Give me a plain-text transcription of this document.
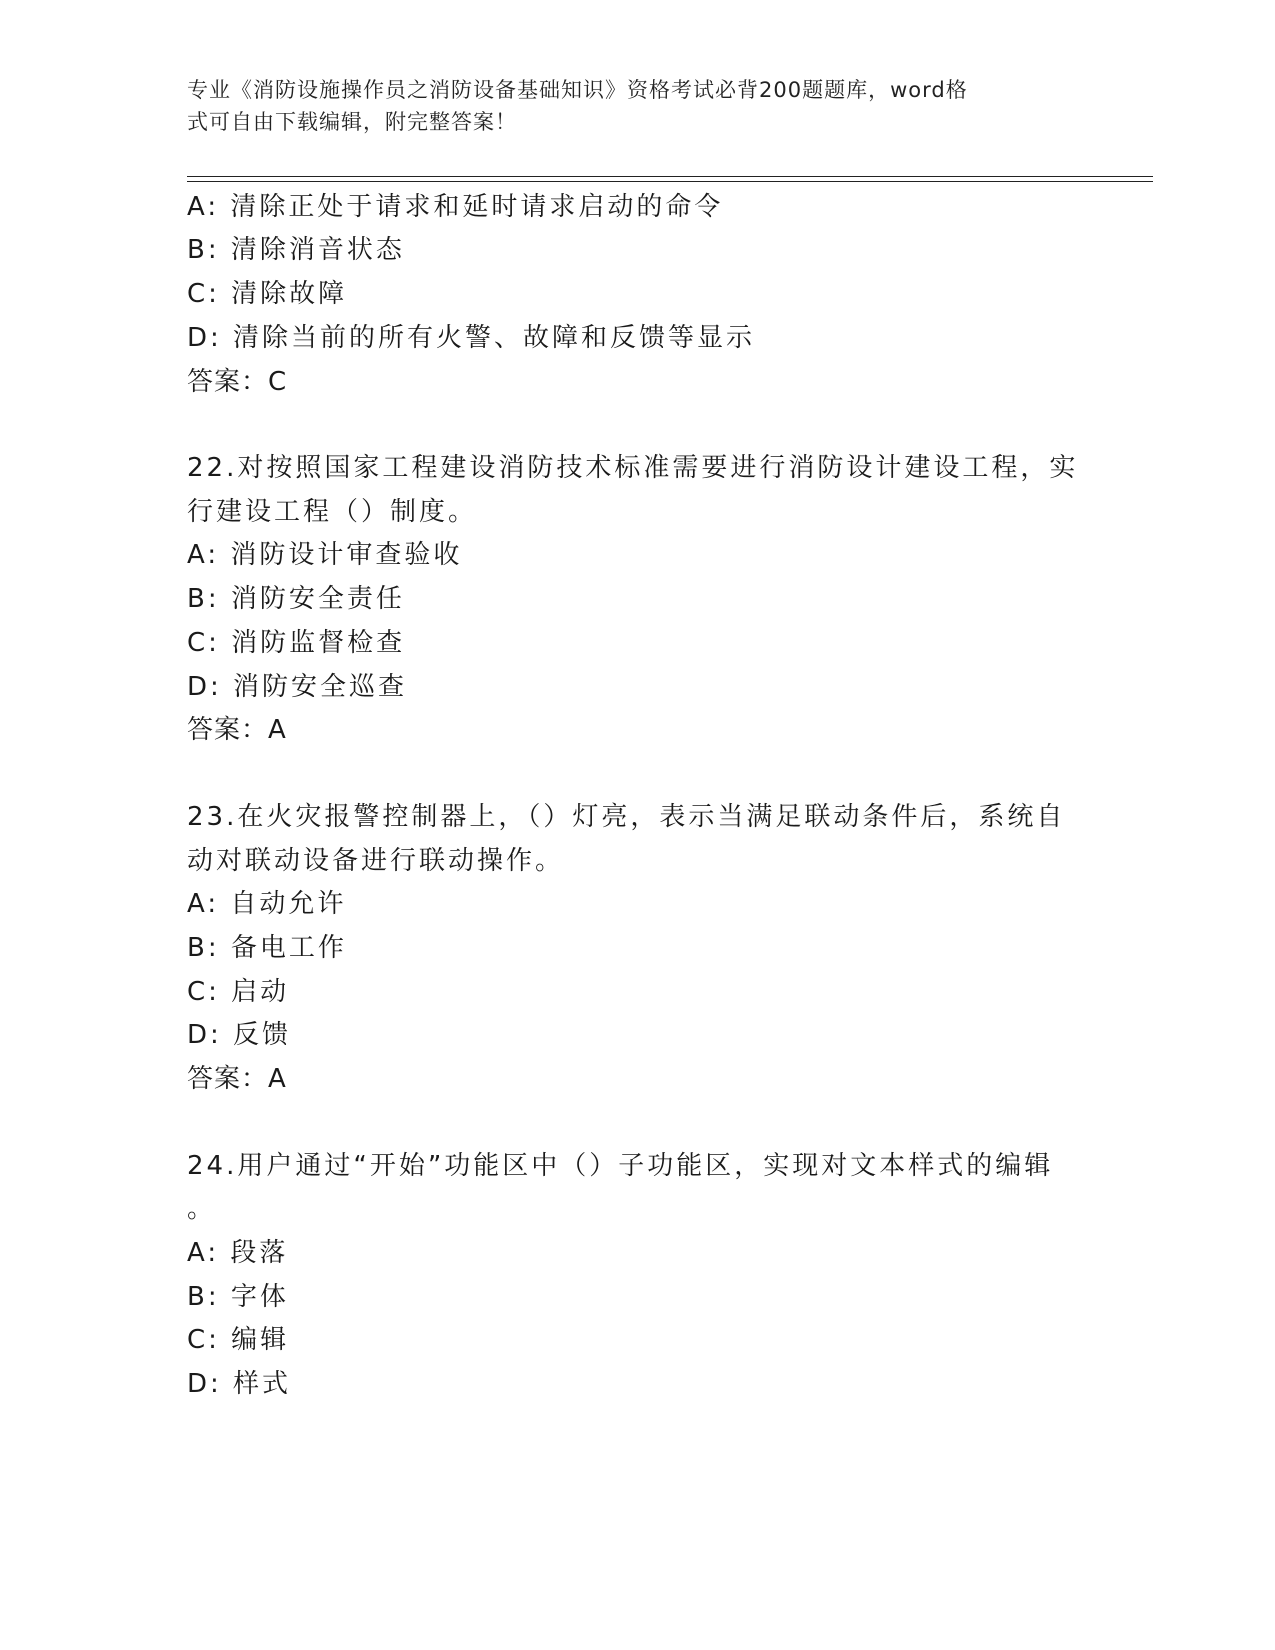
专业《消防设施操作员之消防设备基础知识》资格考试必背200题题库，word格
式可自由下载编辑，附完整答案！
A: 清除正处于请求和延时请求启动的命令
B: 清除消音状态
C: 清除故障
D: 清除当前的所有火警、故障和反馈等显示
答案：C
22.对按照国家工程建设消防技术标准需要进行消防设计建设工程，实
行建设工程（）制度。
A: 消防设计审查验收
B: 消防安全责任
C: 消防监督检查
D: 消防安全巡查
答案：A
23.在火灾报警控制器上，（）灯亮，表示当满足联动条件后，系统自
动对联动设备进行联动操作。
A: 自动允许
B: 备电工作
C: 启动
D: 反馈
答案：A
24.用户通过“开始”功能区中（）子功能区，实现对文本样式的编辑
。
A: 段落
B: 字体
C: 编辑
D: 样式
